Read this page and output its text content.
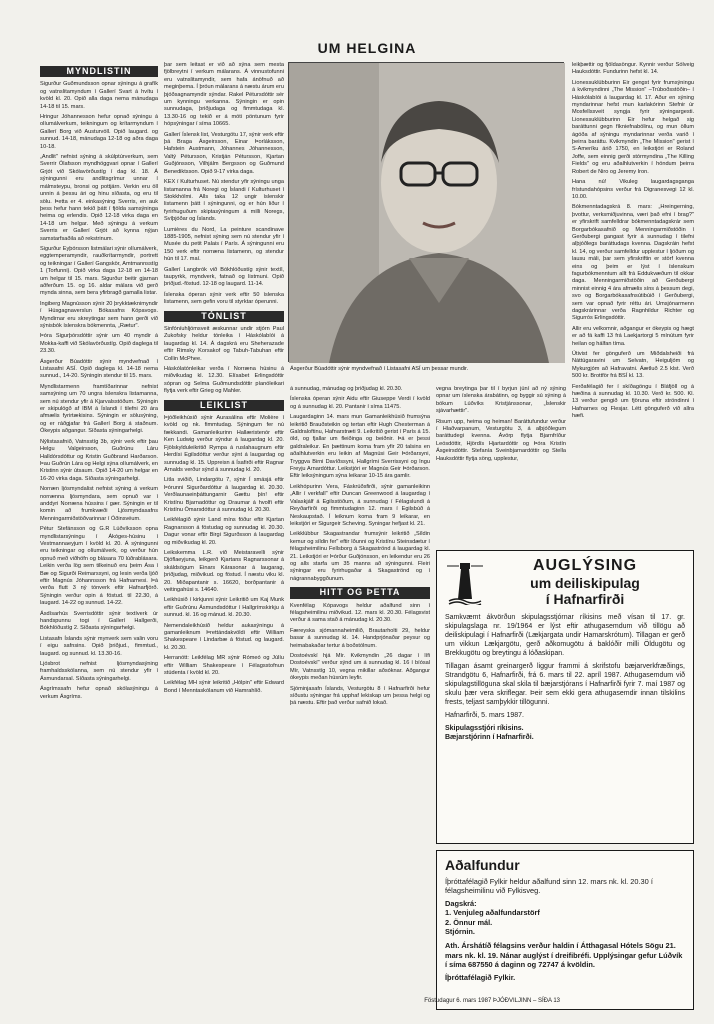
UM HELGINA
MYNDLISTIN

Sigurður Guðmundsson opnar sýningu á grafík og vatnslitamyndum í Gallerí Svart á hvítu í kvöld kl. 20. Opið alla daga nema mánudaga 14-18 til 15. mars.

Hringur Jóhannesson hefur opnað sýningu á olíumálverkum, teikningum og krítarmyndum í Gallerí Borg við Austurvöll. Opið laugard. og sunnud. 14-18, mánudaga 12-18 og aðra daga 10-18.

„Andlit" nefnist sýning á skúlptúrverkum, sem Sverrir Ólafsson myndhöggvari opnar í Gallerí Grjót við Skólavörðustíg í dag kl. 18. Á sýningunni eru andlitsgrímur unnar í málmsteypu, bronsi og pottjárn. Verkin eru öll unnin á þessu ári og hinu síðasta, og eru til sölu. Þetta er 4. einkasýning Sverris, en auk þess hefur hann tekið þátt í fjölda samsýninga heima og erlendis. Opið 12-18 virka daga en 14-18 um helgar. Með sýningu á verkum Sverris er Gallerí Grjót að kynna nýjan samstarfsaðila að rekstrinum.

Sigurður Eyþórsson listmálari sýnir olíumálverk, eggtemperamyndir, rauðkrítarmyndir, portrett og teikningar í Gallerí Gangskör, Amtmannsstíg 1 (Torfunni). Opið virka daga 12-18 en 14-18 um helgar til 15. mars. Sigurður beitir gjarnan aðferðum 15. og 16. aldar málara við gerð mynda sinna, sem bera yfirbragð gamalla listar.

Ingiberg Magnússon sýnir 20 þrykktæknimyndir í Húsgagnaverslun Bókasafns Kópavogs. Myndirnar eru skreytingar sem hann gerði við sýnisbók íslenskra bókmennta, „Rætur".

Þóra Sigurþórsdóttir sýnir um 40 myndir á Mokka-kaffi við Skólavörðustíg. Opið daglega til 23.30.

Ásgerður Búadóttir sýnir myndvefnað í Listasafni ASÍ. Opið daglega kl. 14-18 nema sunnud., 14-20. Sýningin stendur til 15. mars.

Myndlistarmenn framtíðarinnar nefnist samsýning um 70 ungra íslenskra listamanna, sem nú stendur yfir á Kjarvalsstöðum. Sýningin er skipulögð af IBM á Íslandi í tilefni 20 ára afmælis fyrirtækisins. Sýningin er sölusýning, og er ráðgjafar frá Gallerí Borg á staðnum. Ókeypis aðgangur. Síðasta sýningarhelgi.

Nýlistasafnið, Vatnsstíg 3b, sýnir verk eftir þau Helgu Valgeirsson, Guðrúnu Láru Halldórsdóttur og Kristin Guðbrand Harðarson. Þau Guðrún Lára og Helgi sýna olíumálverk, en Kristinn sýnir útsaum. Opið 14-20 um helgar en 16-20 virka daga. Síðasta sýningarhelgi.

Norræn ljósmyndalist nefnist sýning á verkum norrænna ljósmyndara, sem opnuð var í anddyri Norræna hússins í gær. Sýningin er til komin að frumkvæði Ljósmyndasafns Menningarmiðstöðvarinnar í Óðinsvéum.

Pétur Stefánsson og G.R Lúðvíksson opna myndlistarsýningu í Ákóges-húsinu í Vestmannaeyjum í kvöld kl. 20. Á sýningunni eru teikningar og olíumálverk, og verður hún opnuð með viðhöfn og blásara 70 lúðrablásara. Leikin verða lög sem tilkeinuð eru þeim Ása í Bæ og Sigurði Reimarssyni, og lesin verða ljóð eftir Magnús Jóhannsson frá Hafnarnesi. Þá verða flutt 3 ný tónverk eftir Hafnarfjörð. Sýningin verður opin á föstud. til 22.30, á laugard. 14-22 og sunnud. 14-22.

Ásdísarhús Sverrisdóttir sýnir textíverk úr handspunnu togi í Gallerí Hallgerði, Bókhlöðustíg 2. Síðasta sýningarhelgi.

Listasafn Íslands sýnir mynverk sem valin voru í eigu safnsins. Opið þriðjud., fimmtud., laugard. og sunnud. kl. 13.30-16.

Ljósbrot nefnist ljósmyndasýning framhaldsskólanna, sem nú stendur yfir í Ásmundarsal. Síðasta sýningarhelgi.

Ásgrímssafn hefur opnað skólasýningu á verkum Ásgríms.

þar sem leitast er við að sýna sem mesta fjölbreytni í verkum málarans. Á vinnustofunni eru vatnslitamyndir, sem hafa ánöfnuð að meginþema. Í þróun málarans á næstu árum eru þjóðsagnamyndir sýndar. Rakel Pétursdóttir sér um kynningu verkanna. Sýningin er opin sunnudaga, þriðjudaga og fimmtudaga kl. 13.30-16 og tekið er á móti pöntunum fyrir hópsýningar í síma 10665.

Gallerí Íslensk list, Vesturgötu 17, sýnir verk eftir þá Braga Ásgeirsson, Einar Þorláksson, Hafstein Austmann, Jóhannes Jóhannesson, Valtý Pétursson, Kristján Pétursson, Kjartan Guðjónsson, Vilhjálm Bergsson og Guðmund Benediktsson. Opið 9-17 virka daga.

KEX í Kulturhuset. Nú stendur yfir sýningu unga listamanna frá Noregi og Íslandi í Kulturhuset í Stokkhólmi. Alls taka 12 ungir íslenskir listamenn þátt í sýningunni, og er hún liður í fyrirhuguðum skiptasýningum á milli Noregs, Svíþjóðar og Íslands.

Lumières du Nord, La peinture scandinave 1885-1905, nefnist sýning sem nú stendur yfir í Musée du petit Palais í París. Á sýningunni eru 150 verk eftir norræna listamenn, og stendur hún til 17. maí.

Gallerí Langbrók við Bókhlöðustíg sýnir textíl, taupyrkk, myndverk, fatnað og listmuni. Opið þriðjud.-föstud. 12-18 og laugard. 11-14.

Íslenska óperan sýnir verk eftir 50 íslenska listamenn, sem gefin voru til styrktar óperunni.

TÓNLIST

Sinfóníuhljómsveit æskunnar undir stjórn Paul Zukofsky heldur tónleika í Háskólabíói á laugardag kl. 14. Á dagskrá eru Sheherazade eftir Rimsky Korsakof og Tabuh-Tabuhan eftir Collin McPhee.

Háskólatónleikar verða í Norræna húsinu á miðvikudag kl. 12.30. Elísabet Erlingsdóttir sópran og Selma Guðmundsdóttir píanóleikari flytja verk eftir Grieg og Mahler.

LEIKLIST

Þjóðleikhúsið sýnir Aurasálina eftir Molière í kvöld og nk. fimmtudag. Sýningum fer nú fækkandi. Gamanleikurinn Hallæristenór eftir Ken Ludwig verður sýndur á laugardag kl. 20. Fjölskylduleikritið Rympa á ruslahaugnum eftir Herdísi Egilsdóttur verður sýnt á laugardag og sunnudag kl. 15. Uppreisn á Ísafirði eftir Ragnar Arnalds verður sýnd á sunnudag kl. 20.

Litla sviðið, Lindargötu 7, sýnir Í smásjá eftir Þórunni Sigurðardóttur á laugardag kl. 20.30. Verðlaunaeinþáttungarnir Gættu þín! eftir Kristínu Bjarnadóttur og Draumar á hvolfi eftir Kristínu Ómarsdóttur á sunnudag kl. 20.30.

Leikfélagið sýnir Land míns föður eftir Kjartan Ragnarsson á föstudag og sunnudag kl. 20.30. Dagur vonar eftir Birgi Sigurðsson á laugardag og miðvikudag kl. 20.

Leikskemma L.R. við Meistaravelli sýnir Djöflaeyjuna, leikgerð Kjartans Ragnarssonar á skáldsögum Einars Kárasonar á laugarag, þriðjudag, miðvikud. og föstud. Í næstu viku kl. 20. Miðapantanir s. 16620, borðpantanir á veitingahúsi s. 14640.

Leikhúsið í kirkjunni sýnir Leikritið um Kaj Munk eftir Guðrúnu Ásmundsdóttur í Hallgrímskirkju á sunnud. kl. 16 og mánud. kl. 20.30.

Nemendaleikhúsið heldur aukasýningu á gamanleiknum Þrettándakvöldi eftir William Shakespeare í Lindarbæ á föstud. og laugard. kl. 20.30.

Herranótt: Leikfélag MR sýnir Rómeó og Júlíu eftir William Shakespeare í Félagsstofnun stúdenta í kvöld kl. 20.

Leikfélag MH sýnir leikritið „Hólpin" eftir Edward Bond í Menntaskólanum við Hamrahlíð.

Ásgerður Búadóttir sýnir myndvefnað í Listasafni ASÍ um þessar mundir.

á sunnudag, mánudag og þriðjudag kl. 20.30.

Íslenska óperan sýnir Aidu eftir Giuseppe Verdi í kvöld og á sunnudag kl. 20. Pantanir í síma 11475.

Laugardaginn 14. mars mun Gamanleikhúsið frumsýna leikritið Brauðsteikin og tertan eftir Hugh Chesterman á Galdraloftinu, Hafnarstræti 9. Leikritið gerist í París á 15. öld, og fjallar um fleiðinga og beiðnir. Þá er þessi galdraleikur. En þættinum koma fram yfir 20 talsins en aðalhlutverkin eru leikin af Magnúsi Geir Þórðarsyni, Tryggva Birni Davíðssyni, Hallgrími Sverrissyni og Ingu Freyju Arnardóttur. Leikstjóri er Magnús Geir Þórðarson. Eftir leiksýningum sýna leikarar 10-15 ára gamlir.

Leikhópurinn Vera, Fáskrúðsfirði, sýnir gamanleikinn „Allir í verkfall" eftir Duncan Greenwood á laugardag í Valaskjálf á Egilsstöðum, á sunnudag í Félagslundi á Reyðarfirði og fimmtudaginn 12. mars í Egilsbúð á Neskaupstað. Í leiknum koma fram 9 leikarar, en leikstjóri er Sigurgeir Scheving. Syningar hefjast kl. 21.

Leikklúbbur Skagastrandar frumsýnir leikritið „Síldin kemur og síldin fer" eftir Iðunni og Kristínu Steinsdætur í félagsheimilinu Fellsborg á Skagaströnd á laugardag kl. 21. Leikstjóri er Þórður Guðjónsson, en leikendur eru 26 og alls starfa um 35 manns að sýningunni. Fleiri sýningar eru fyrirhugaðar á Skagaströnd og í nágrannabyggðunum.

HITT OG ÞETTA

Kvenfélag Kópavogs heldur aðalfund sinn í félagsheimilinu miðvikud. 12. mars kl. 20.30. Félagsvist verður á sama stað á mánudag kl. 20.30.

Færeyska sjómannaheimilið, Brautarholti 29, heldur basar á sunnudag kl. 14. Handprjónaðar peysur og heimabakaðar tertur á boðstólnum.

Dostoévskí hjá Mír. Kvikmyndin „26 dagar í lífi Dostoévskí" verður sýnd um á sunnudag kl. 16 í bíósal Mír, Vatnsstíg 10, vegna mikillar aðsóknar. Aðgangur ókeypis meðan húsrúm leyfir.

Sjóminjasafn Íslands, Vesturgötu 8 í Hafnarfirði hefur síðustu sýningar frá upphaf lekiskap um þessa helgi og þá næstu. Eftir það verður safnið lokað.

vegna breytinga þar til í byrjun júní að ný sýning opnar um íslenska árabátinn, og byggir sú sýning á bókum Lúðvíks Kristjánssonar, „Íslenskir sjávarhættir".

Risum upp, heima og heiman! Baráttufundur verður í Hlaðvarpanum, Vesturgötu 3, á alþjóðlegum baráttudegi kvenna. Ávörp flytja Bjarnfríður Leósdóttir, Hjördís Hjartardóttir og Þóra Kristín Ásgeirsdóttir. Stefanía Sveinbjarnardóttir og Stella Hauksdóttir flytja söng, upplestur,

leikþættir og fjöldasöngur. Kynnir verður Sólveig Hauksdóttir. Fundurinn hefst kl. 14.

Lionessuklúbburinn Eir gengst fyrir frumsýningu á kvikmyndinni „The Mission" –Trúboðsstöðin– í Háskólabíói á laugardag kl. 17. Aður en sýning myndarinnar hefst mun karlakórinn Stefnir úr Mosfellssveit syngja fyrir sýningargesti. Lionessuklúbburinn Eir hefur helgað sig baráttunni gegn fíkniefnabölinu, og mun öllum ágóða af sýningu myndarinnar verða varið í þeirra baráttu. Kvikmyndin „The Mission" gerist í S-Ameríku árið 1750, en leikstjóri er Roland Joffe, sem einnig gerði stórmyndina „The Killing Fields" og eru aðalhlutverkin í höndum þeirra Robert de Niro og Jeremy Iron.

Hana nú! Vikuleg laugardagsganga frístundahópsins verður frá Digranesvegi 12 kl. 10.00.

Bókmenntadagskrá 8. mars: „Hreingerning, þvottur, verksmiðjuvinna, væri það efni í brag?" er yfirskrift samfelldrar bókmenntadagskrár sem Borgarbókasafnið og Menningarmiðstöðin í Gerðubergi gangast fyrir á sunnudag í tilefni alþjóðlegs baráttudags kvenna. Dagskráin hefst kl. 14, og verður samfelldur upplestur í ljóðum og lausu máli, þar sem yfirskriftin er störf kvenna eins og þeim er lýst í íslenskum fagurbókmenntum allt frá Eddukvæðum til okkar daga. Menningarmiðstöðin að Gerðubergi minnist einnig 4 ára afmælis síns á þessum degi, svo og Borgarbókasafnsútibúið í Gerðubergi, sem var opnað fyrir réttu ári. Umsjónarmenn dagskrárinnar verða Ragnhildur Richter og Sigurrós Erlingsdóttir.

Allir eru velkomnir, aðgangur er ókeypis og hægt er að fá kaffi 13 frá Laekjartorgi 5 mínútum fyrir heilan og hálfan tíma.

Útivist fer gönguferð um Miðdalsheiði frá Náttúgaravini um Selvatn, Heiguljóm og Mykurgjóm að Hafravatni. Áætluð 2.5 klst. Verð 500 kr. Brottför frá BSÍ kl. 13.

Ferðafélagið fer í skíðagöngu í Bláfjöll og á hæðina á sunnudag kl. 10.30. Verð kr. 500. Kl. 13 verður gengið um fjöruna eftir ströndinni í Hafnarnes og Flesjar. Létt gönguferð við allra hæfi.

AUGLÝSING
um deiliskipulag
í Hafnarfirði

Samkvæmt ákvörðun skipulagsstjórnar ríkisins með vísan til 17. gr. skipulagslaga nr. 19/1964 er lýst eftir athugasemdum við tillögu að deiliskipulagi í Hafnarfirði (Lækjargata undir Hamarskrótum). Tillagan er gerð um vikkun Lækjargötu, gerð aðkomugötu á baklóðir milli Öldugötu og Brekkugötu og breytingu á lóðaskipan.

Tillagan ásamt greinargerð liggur frammi á skrifstofu bæjarverkfræðings, Strandgötu 6, Hafnarfirði, frá 6. mars til 22. apríl 1987. Athugasemdum við skipulagstillöguna skal skila til bæjarstjórans í Hafnarfirði fyrir 7. maí 1987 og skulu þær vera skriflegar. Þeir sem ekki gera athugasemdir innan tilskilins frests, teljast samþykkir tillögunni.

Hafnarfirði, 5. mars 1987.

Skipulagsstjóri ríkisins.

Bæjarstjórinn í Hafnarfirði.

Aðalfundur

Íþróttafélagið Fylkir heldur aðalfund sinn 12. mars nk. kl. 20.30 í félagsheimilinu við Fylkisveg.

Dagskrá:

1. Venjuleg aðalfundarstörf

2. Önnur mál.

Stjórnin.

Ath. Árshátíð félagsins verður haldin í Átthagasal Hótels Sögu 21. mars nk. kl. 19. Nánar auglýst í dreifibréfi. Upplýsingar gefur Lúðvík í síma 687550 á daginn og 72747 á kvöldin.

Íþróttafélagið Fylkir.

Föstudagur 6. mars 1987 ÞJÓÐVILJINN – SÍÐA 13
